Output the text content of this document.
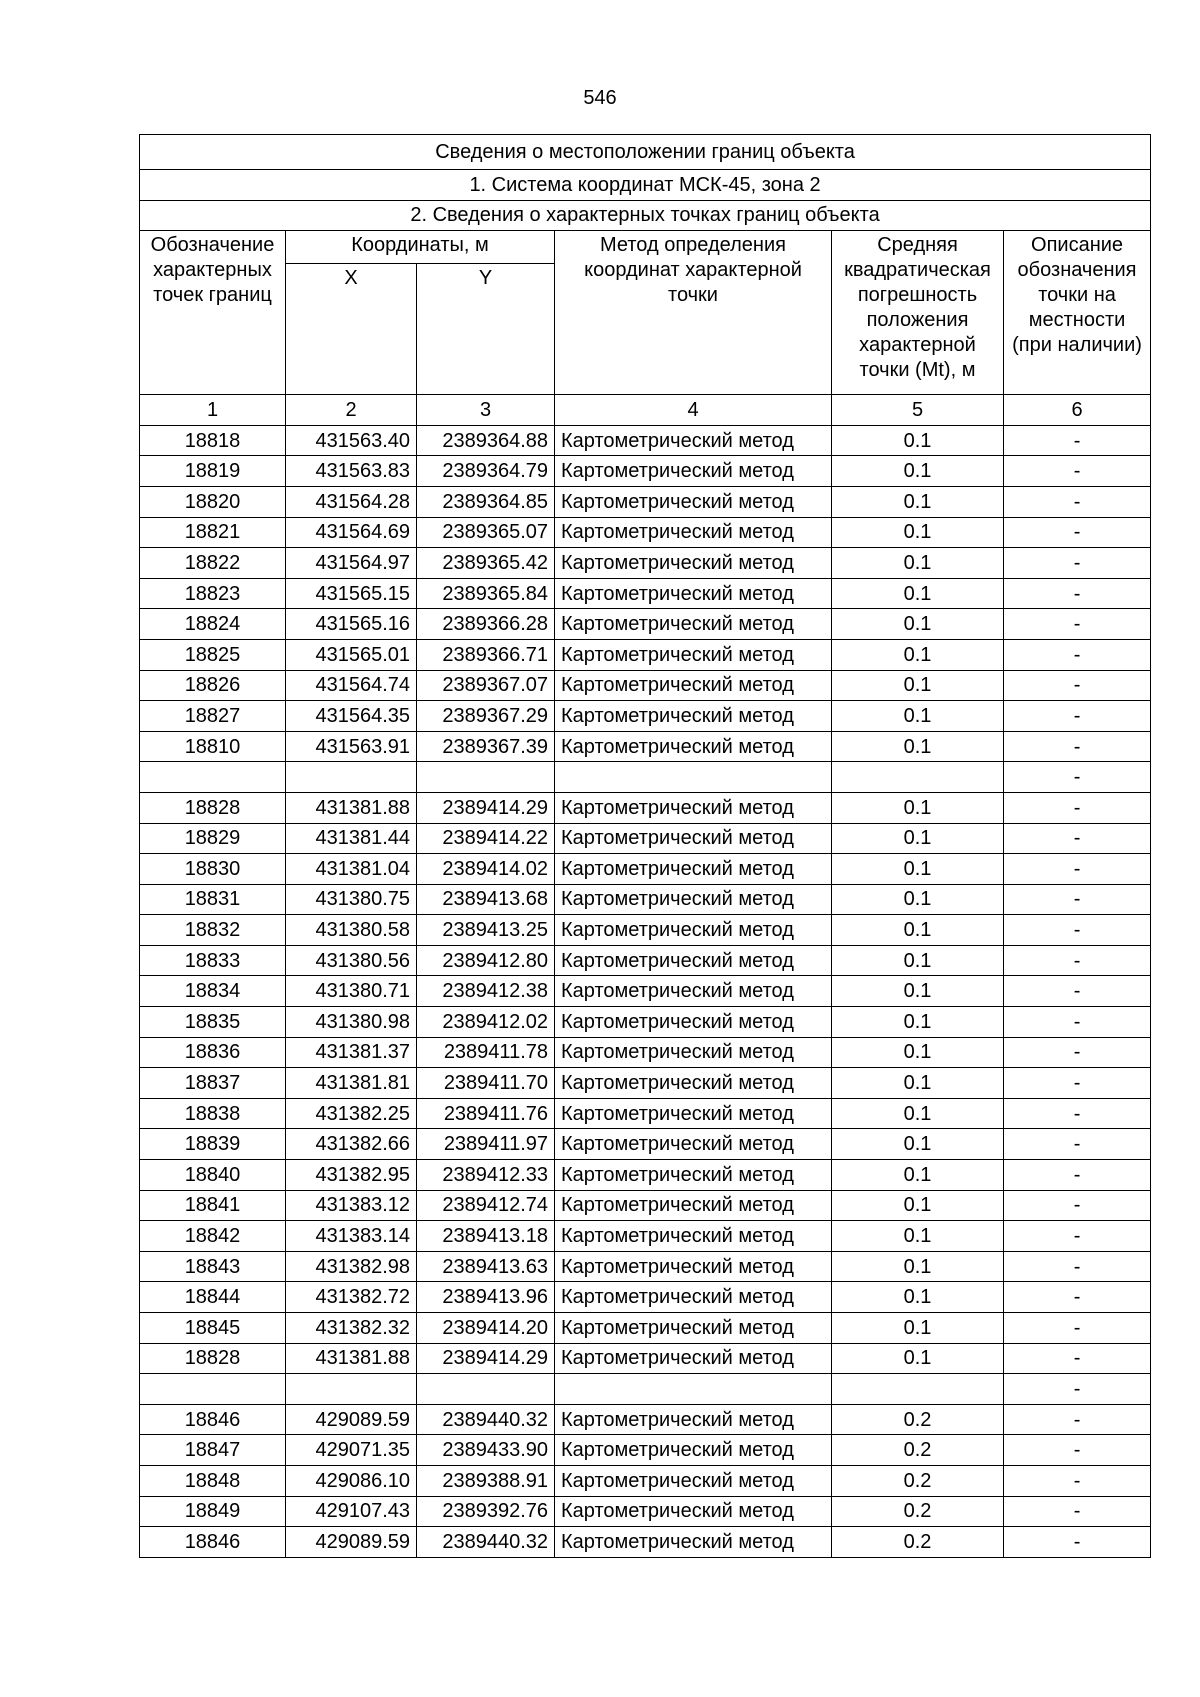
546
Сведения о местоположении границ объекта					
1. Система координат МСК-45, зона 2					
2. Сведения о характерных точках границ объекта					
Обозначение характерных точек границ	Координаты, м		Метод определения координат характерной точки	Средняя квадратическая погрешность положения характерной точки (Mt), м	Описание обозначения точки на местности (при наличии)
	X	Y			
1	2	3	4	5	6
18818	431563.40	2389364.88	Картометрический метод	0.1	-
18819	431563.83	2389364.79	Картометрический метод	0.1	-
18820	431564.28	2389364.85	Картометрический метод	0.1	-
18821	431564.69	2389365.07	Картометрический метод	0.1	-
18822	431564.97	2389365.42	Картометрический метод	0.1	-
18823	431565.15	2389365.84	Картометрический метод	0.1	-
18824	431565.16	2389366.28	Картометрический метод	0.1	-
18825	431565.01	2389366.71	Картометрический метод	0.1	-
18826	431564.74	2389367.07	Картометрический метод	0.1	-
18827	431564.35	2389367.29	Картометрический метод	0.1	-
18810	431563.91	2389367.39	Картометрический метод	0.1	-
					-
18828	431381.88	2389414.29	Картометрический метод	0.1	-
18829	431381.44	2389414.22	Картометрический метод	0.1	-
18830	431381.04	2389414.02	Картометрический метод	0.1	-
18831	431380.75	2389413.68	Картометрический метод	0.1	-
18832	431380.58	2389413.25	Картометрический метод	0.1	-
18833	431380.56	2389412.80	Картометрический метод	0.1	-
18834	431380.71	2389412.38	Картометрический метод	0.1	-
18835	431380.98	2389412.02	Картометрический метод	0.1	-
18836	431381.37	2389411.78	Картометрический метод	0.1	-
18837	431381.81	2389411.70	Картометрический метод	0.1	-
18838	431382.25	2389411.76	Картометрический метод	0.1	-
18839	431382.66	2389411.97	Картометрический метод	0.1	-
18840	431382.95	2389412.33	Картометрический метод	0.1	-
18841	431383.12	2389412.74	Картометрический метод	0.1	-
18842	431383.14	2389413.18	Картометрический метод	0.1	-
18843	431382.98	2389413.63	Картометрический метод	0.1	-
18844	431382.72	2389413.96	Картометрический метод	0.1	-
18845	431382.32	2389414.20	Картометрический метод	0.1	-
18828	431381.88	2389414.29	Картометрический метод	0.1	-
					-
18846	429089.59	2389440.32	Картометрический метод	0.2	-
18847	429071.35	2389433.90	Картометрический метод	0.2	-
18848	429086.10	2389388.91	Картометрический метод	0.2	-
18849	429107.43	2389392.76	Картометрический метод	0.2	-
18846	429089.59	2389440.32	Картометрический метод	0.2	-
